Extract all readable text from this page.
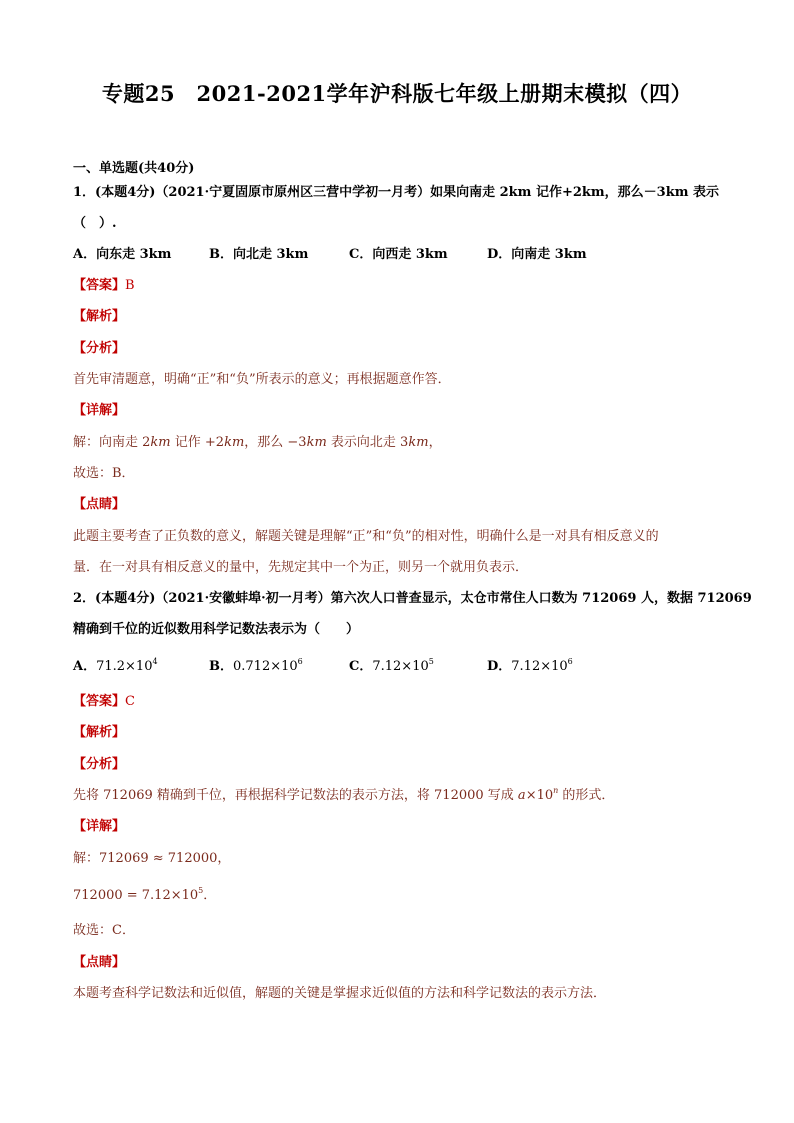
专题25　2021-2021学年沪科版七年级上册期末模拟（四）
一、单选题(共40分)
1．(本题4分)（2021·宁夏固原市原州区三营中学初一月考）如果向南走 2km 记作+2km，那么－3km 表示
（　）.
A．向东走 3km	B．向北走 3km	C．向西走 3km	D．向南走 3km
【答案】B
【解析】
【分析】
首先审清题意，明确“正”和“负”所表示的意义；再根据题意作答．
【详解】
解：向南走 2km 记作 +2km，那么 −3km 表示向北走 3km，
故选：B．
【点睛】
此题主要考查了正负数的意义，解题关键是理解“正”和“负”的相对性，明确什么是一对具有相反意义的
量．在一对具有相反意义的量中，先规定其中一个为正，则另一个就用负表示．
2．(本题4分)（2021·安徽蚌埠·初一月考）第六次人口普查显示，太仓市常住人口数为 712069 人，数据 712069
精确到千位的近似数用科学记数法表示为（　　）
A．$71.2\times 10^4$	B．$0.712\times 10^6$	C．$7.12\times 10^5$	D．$7.12\times 10^6$
【答案】C
【解析】
【分析】
先将 712069 精确到千位，再根据科学记数法的表示方法，将 712000 写成 $a\times 10^n$ 的形式．
【详解】
解：712069 ≈ 712000，
$712000 = 7.12\times 10^5$．
故选：C．
【点睛】
本题考查科学记数法和近似值，解题的关键是掌握求近似值的方法和科学记数法的表示方法．
